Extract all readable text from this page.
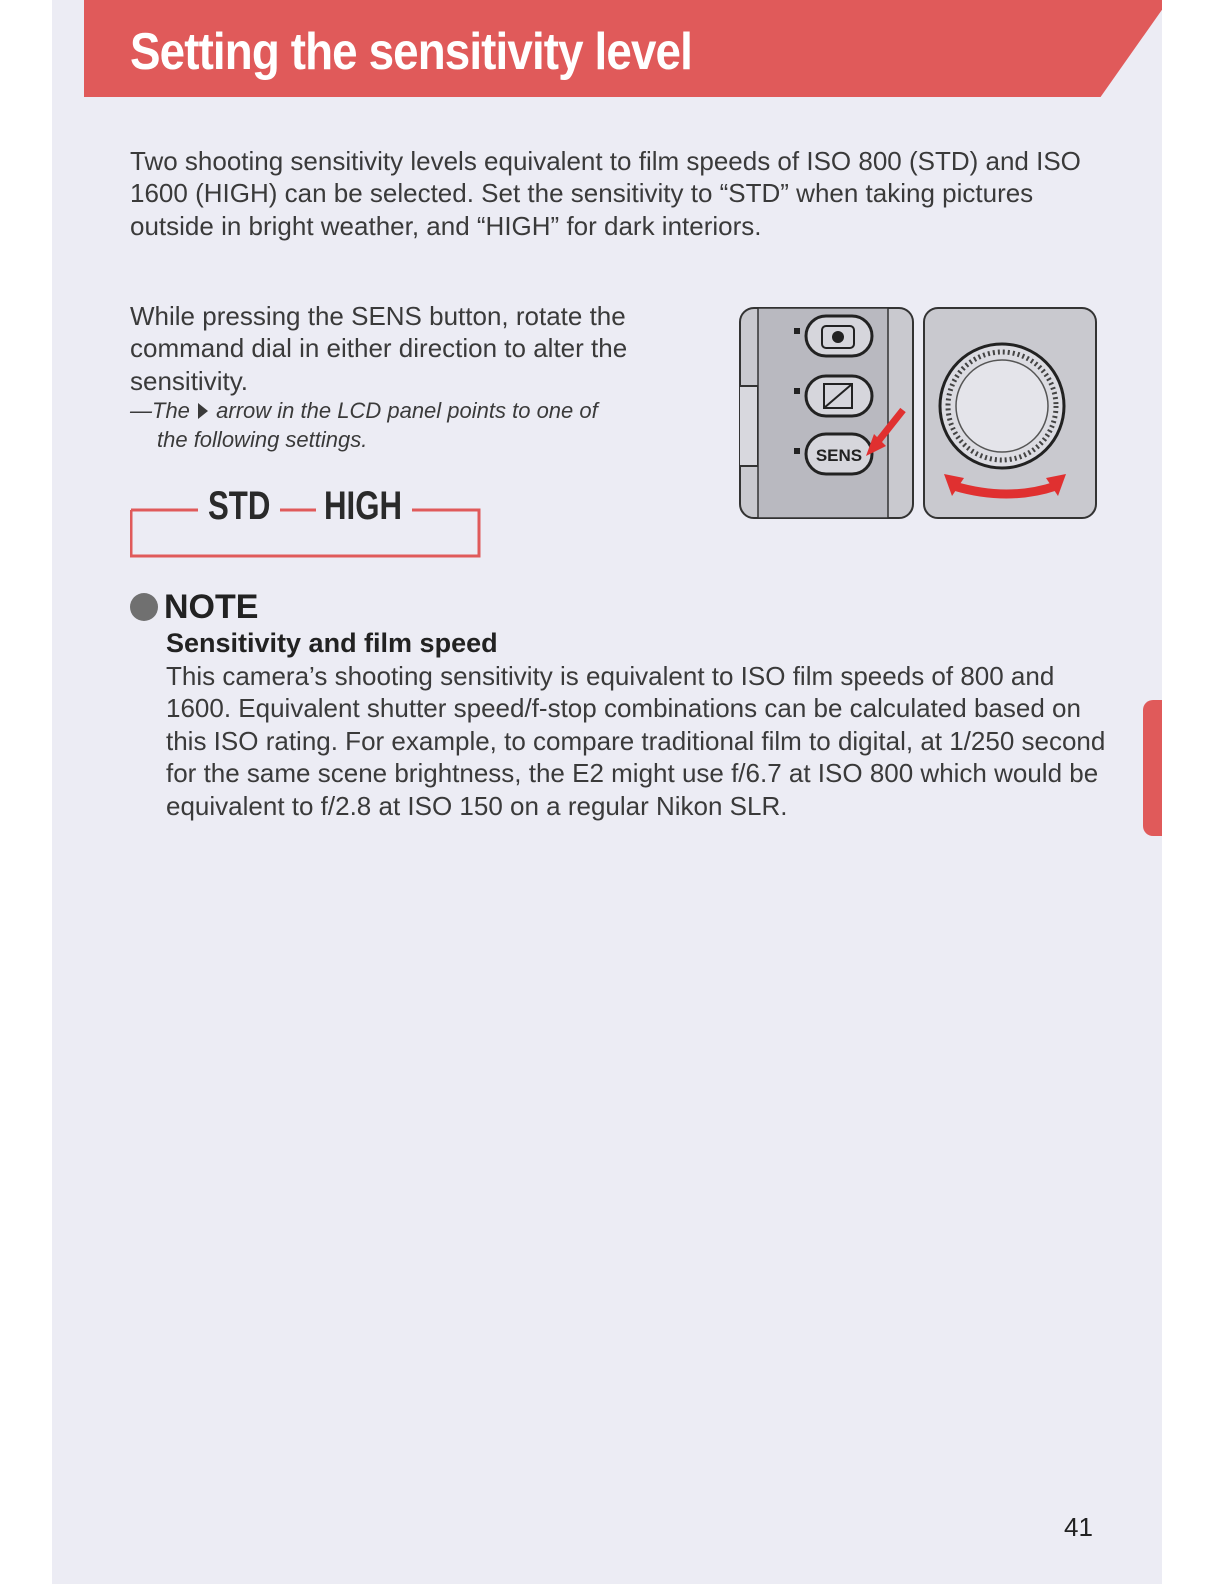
Setting the sensitivity level

Two shooting sensitivity levels equivalent to film speeds of ISO 800 (STD) and ISO 1600 (HIGH) can be selected. Set the sensitivity to “STD” when taking pictures outside in bright weather, and “HIGH” for dark interiors.

While pressing the SENS button, rotate the command dial in either direction to alter the sensitivity.

—The arrow in the LCD panel points to one of
the following settings.
STD HIGH
SENS
NOTE
Sensitivity and film speed

This camera’s shooting sensitivity is equivalent to ISO film speeds of 800 and 1600. Equivalent shutter speed/f-stop combinations can be calculated based on this ISO rating. For example, to compare traditional film to digital, at 1/250 second for the same scene brightness, the E2 might use f/6.7 at ISO 800 which would be equivalent to f/2.8 at ISO 150 on a regular Nikon SLR.

41
